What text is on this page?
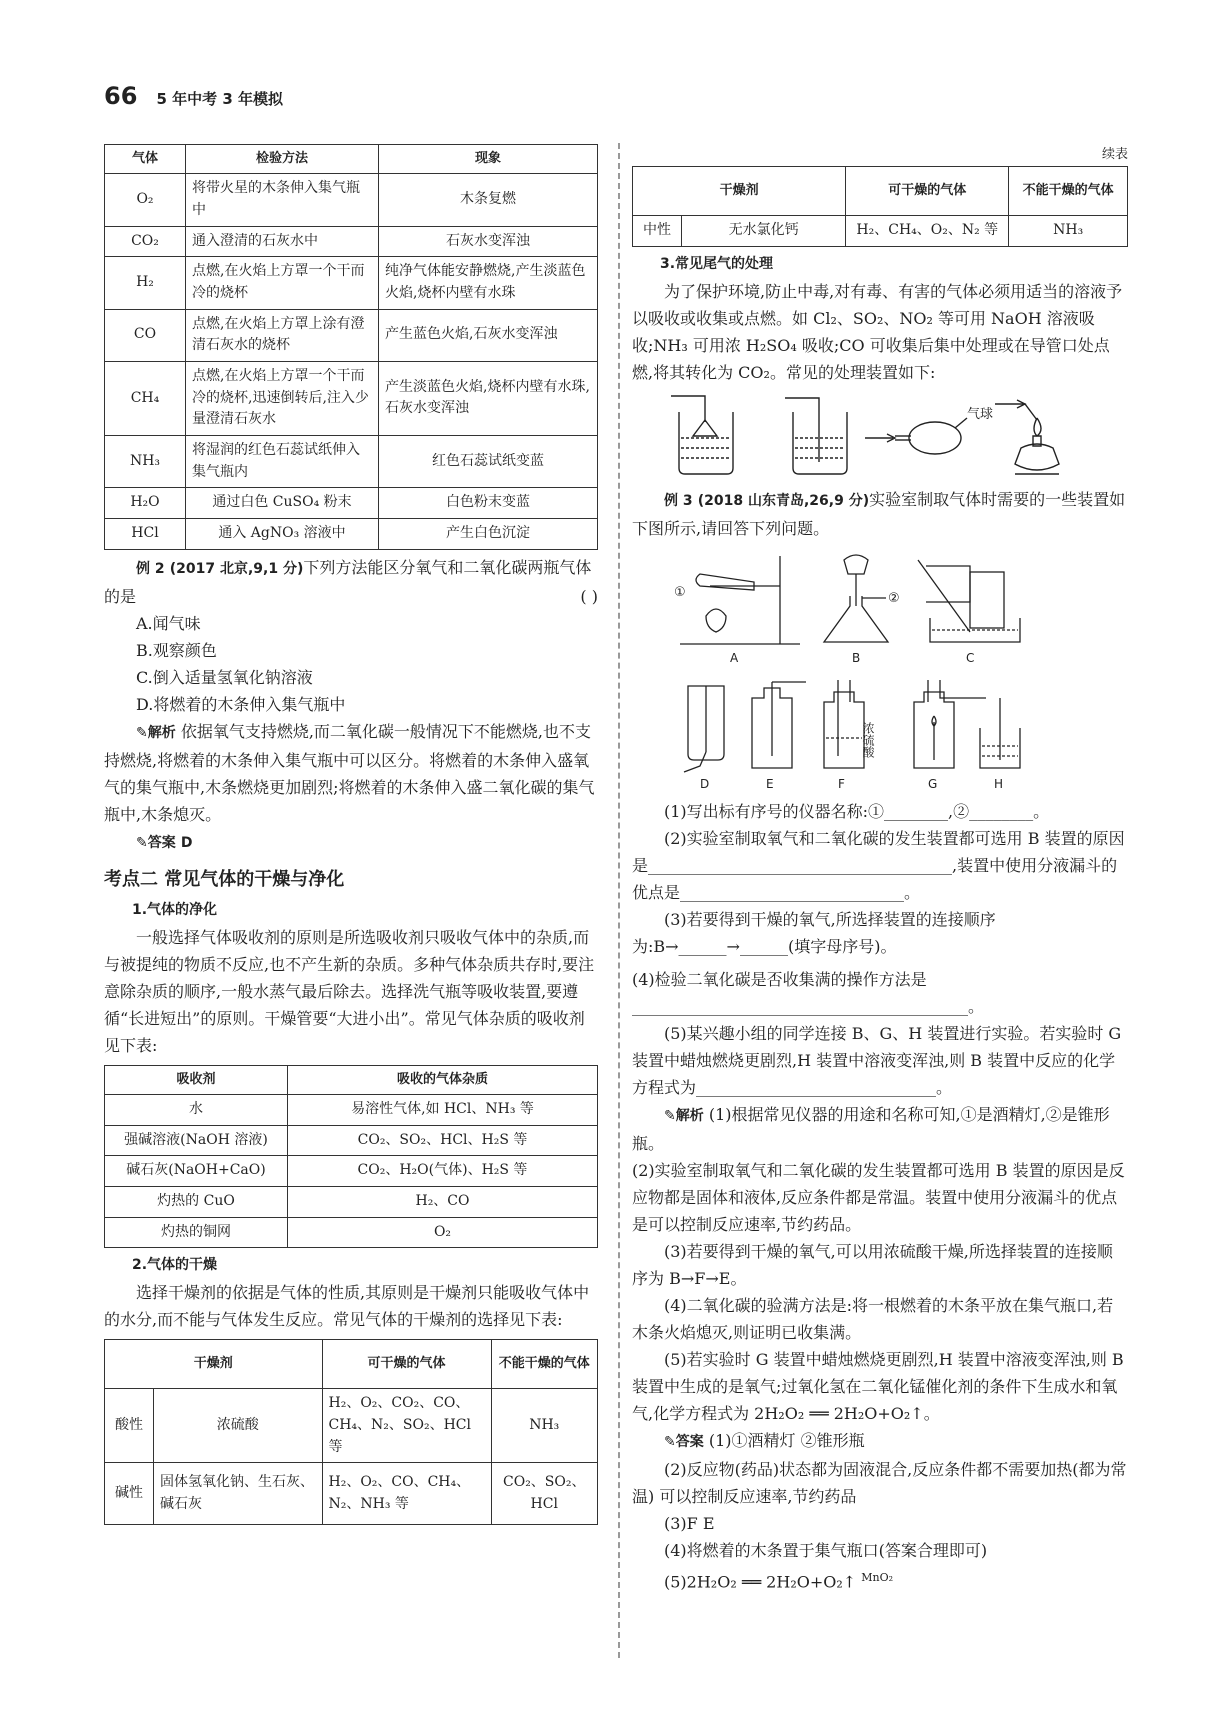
66 5 年中考 3 年模拟
气体	检验方法	现象
O₂	将带火星的木条伸入集气瓶中	木条复燃
CO₂	通入澄清的石灰水中	石灰水变浑浊
H₂	点燃,在火焰上方罩一个干而冷的烧杯	纯净气体能安静燃烧,产生淡蓝色火焰,烧杯内壁有水珠
CO	点燃,在火焰上方罩上涂有澄清石灰水的烧杯	产生蓝色火焰,石灰水变浑浊
CH₄	点燃,在火焰上方罩一个干而冷的烧杯,迅速倒转后,注入少量澄清石灰水	产生淡蓝色火焰,烧杯内壁有水珠,石灰水变浑浊
NH₃	将湿润的红色石蕊试纸伸入集气瓶内	红色石蕊试纸变蓝
H₂O	通过白色 CuSO₄ 粉末	白色粉末变蓝
HCl	通入 AgNO₃ 溶液中	产生白色沉淀

例 2 (2017 北京,9,1 分)下列方法能区分氧气和二氧化碳两瓶气体的是	( )

A.闻气味

B.观察颜色

C.倒入适量氢氧化钠溶液

D.将燃着的木条伸入集气瓶中

✎解析 依据氧气支持燃烧,而二氧化碳一般情况下不能燃烧,也不支持燃烧,将燃着的木条伸入集气瓶中可以区分。将燃着的木条伸入盛氧气的集气瓶中,木条燃烧更加剧烈;将燃着的木条伸入盛二氧化碳的集气瓶中,木条熄灭。

✎答案 D

考点二 常见气体的干燥与净化
1.气体的净化

一般选择气体吸收剂的原则是所选吸收剂只吸收气体中的杂质,而与被提纯的物质不反应,也不产生新的杂质。多种气体杂质共存时,要注意除杂质的顺序,一般水蒸气最后除去。选择洗气瓶等吸收装置,要遵循“长进短出”的原则。干燥管要“大进小出”。常见气体杂质的吸收剂见下表:

吸收剂	吸收的气体杂质
水	易溶性气体,如 HCl、NH₃ 等
强碱溶液(NaOH 溶液)	CO₂、SO₂、HCl、H₂S 等
碱石灰(NaOH+CaO)	CO₂、H₂O(气体)、H₂S 等
灼热的 CuO	H₂、CO
灼热的铜网	O₂
2.气体的干燥

选择干燥剂的依据是气体的性质,其原则是干燥剂只能吸收气体中的水分,而不能与气体发生反应。常见气体的干燥剂的选择见下表:

干燥剂		可干燥的气体	不能干燥的气体
酸性	浓硫酸	H₂、O₂、CO₂、CO、CH₄、N₂、SO₂、HCl 等	NH₃
碱性	固体氢氧化钠、生石灰、碱石灰	H₂、O₂、CO、CH₄、N₂、NH₃ 等	CO₂、SO₂、HCl
续表
干燥剂		可干燥的气体	不能干燥的气体
中性	无水氯化钙	H₂、CH₄、O₂、N₂ 等	NH₃
3.常见尾气的处理

为了保护环境,防止中毒,对有毒、有害的气体必须用适当的溶液予以吸收或收集或点燃。如 Cl₂、SO₂、NO₂ 等可用 NaOH 溶液吸收;NH₃ 可用浓 H₂SO₄ 吸收;CO 可收集后集中处理或在导管口处点燃,将其转化为 CO₂。常见的处理装置如下:

气球

例 3 (2018 山东青岛,26,9 分)实验室制取气体时需要的一些装置如下图所示,请回答下列问题。

①
A
②
B	C
D	E
浓硫酸
F	G	H

(1)写出标有序号的仪器名称:①________,②________。

(2)实验室制取氧气和二氧化碳的发生装置都可选用 B 装置的原因是______________________________________,装置中使用分液漏斗的优点是____________________________。

(3)若要得到干燥的氧气,所选择装置的连接顺序为:B→______→______(填字母序号)。

(4)检验二氧化碳是否收集满的操作方法是__________________________________________。

(5)某兴趣小组的同学连接 B、G、H 装置进行实验。若实验时 G 装置中蜡烛燃烧更剧烈,H 装置中溶液变浑浊,则 B 装置中反应的化学方程式为______________________________。

✎解析 (1)根据常见仪器的用途和名称可知,①是酒精灯,②是锥形瓶。

(2)实验室制取氧气和二氧化碳的发生装置都可选用 B 装置的原因是反应物都是固体和液体,反应条件都是常温。装置中使用分液漏斗的优点是可以控制反应速率,节约药品。

(3)若要得到干燥的氧气,可以用浓硫酸干燥,所选择装置的连接顺序为 B→F→E。

(4)二氧化碳的验满方法是:将一根燃着的木条平放在集气瓶口,若木条火焰熄灭,则证明已收集满。

(5)若实验时 G 装置中蜡烛燃烧更剧烈,H 装置中溶液变浑浊,则 B 装置中生成的是氧气;过氧化氢在二氧化锰催化剂的条件下生成水和氧气,化学方程式为 2H₂O₂ ══ 2H₂O+O₂↑。

✎答案 (1)①酒精灯 ②锥形瓶

(2)反应物(药品)状态都为固液混合,反应条件都不需要加热(都为常温) 可以控制反应速率,节约药品

(3)F E

(4)将燃着的木条置于集气瓶口(答案合理即可)

(5)2H₂O₂ ══ 2H₂O+O₂↑ $^{MnO_2}$
